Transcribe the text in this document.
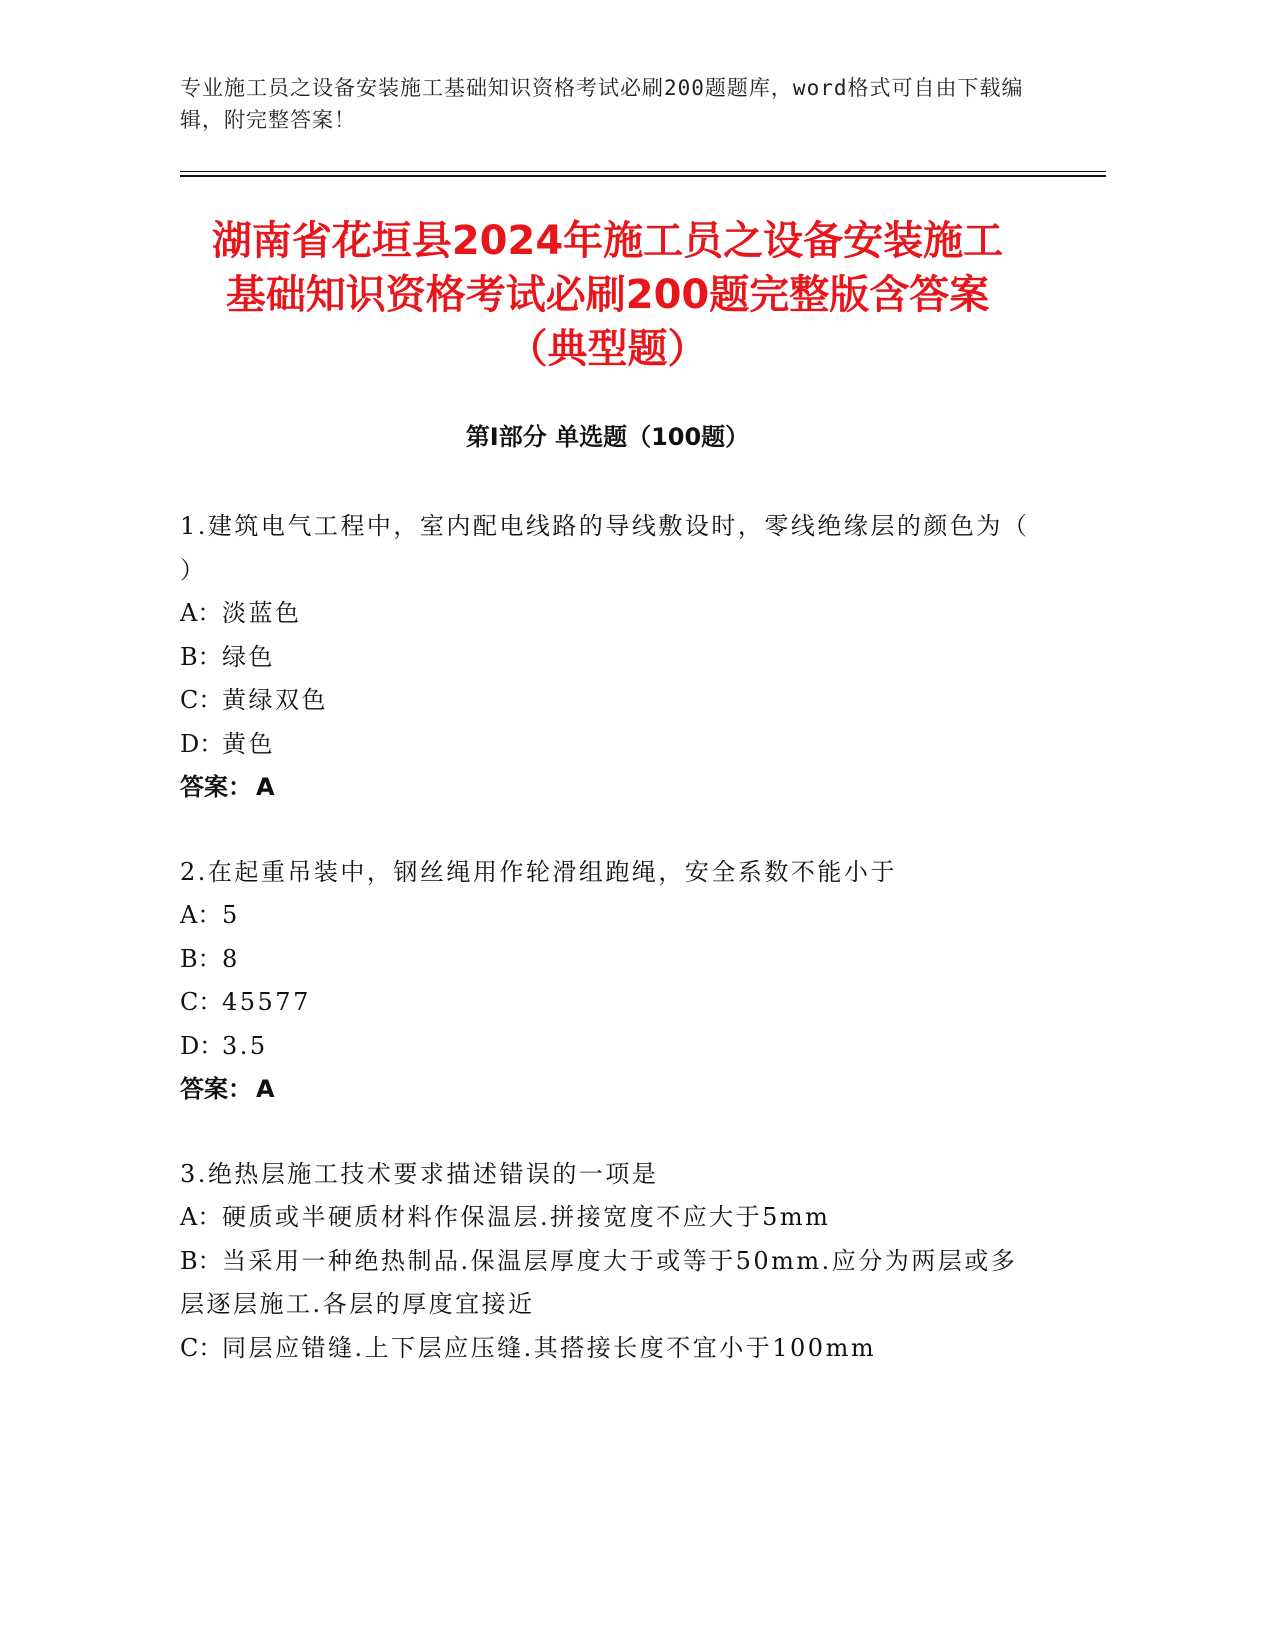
专业施工员之设备安装施工基础知识资格考试必刷200题题库，word格式可自由下载编辑，附完整答案！
湖南省花垣县2024年施工员之设备安装施工
基础知识资格考试必刷200题完整版含答案
（典型题）
第Ⅰ部分 单选题（100题）
1.建筑电气工程中，室内配电线路的导线敷设时，零线绝缘层的颜色为（ ）
A：淡蓝色
B：绿色
C：黄绿双色
D：黄色
答案： A
2.在起重吊装中，钢丝绳用作轮滑组跑绳，安全系数不能小于
A：5
B：8
C：45577
D：3.5
答案： A
3.绝热层施工技术要求描述错误的一项是
A：硬质或半硬质材料作保温层.拼接宽度不应大于5mm
B：当采用一种绝热制品.保温层厚度大于或等于50mm.应分为两层或多层逐层施工.各层的厚度宜接近
C：同层应错缝.上下层应压缝.其搭接长度不宜小于100mm
